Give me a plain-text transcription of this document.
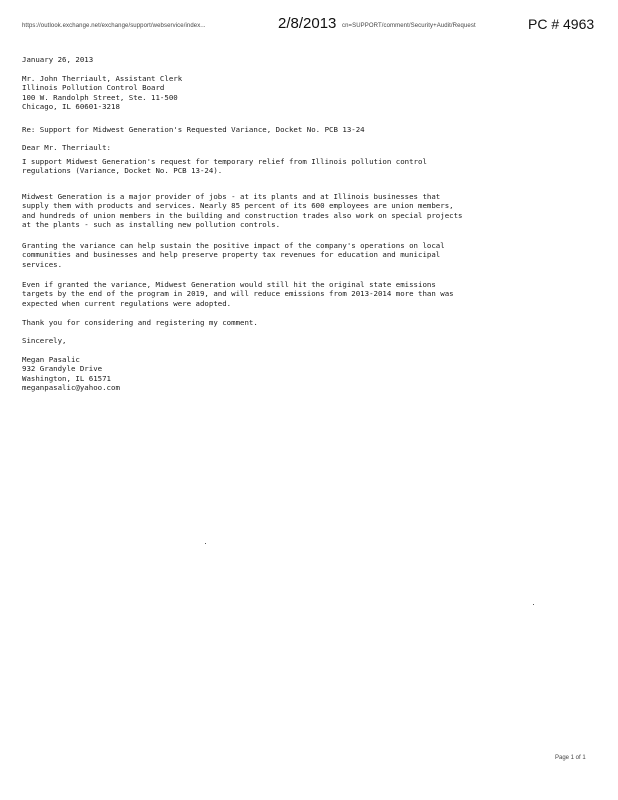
https://outlook.exchange.net/exchange/support/webservice/index...	2/8/2013 cn=SUPPORT/comment/Security+Audit/Request	PC # 4963
January 26, 2013
Mr. John Therriault, Assistant Clerk
Illinois Pollution Control Board
100 W. Randolph Street, Ste. 11-500
Chicago, IL 60601-3218
Re: Support for Midwest Generation's Requested Variance, Docket No. PCB 13-24
Dear Mr. Therriault:
I support Midwest Generation's request for temporary relief from Illinois pollution control
regulations (Variance, Docket No. PCB 13-24).
Midwest Generation is a major provider of jobs - at its plants and at Illinois businesses that
supply them with products and services. Nearly 85 percent of its 600 employees are union members,
and hundreds of union members in the building and construction trades also work on special projects
at the plants - such as installing new pollution controls.
Granting the variance can help sustain the positive impact of the company's operations on local
communities and businesses and help preserve property tax revenues for education and municipal
services.
Even if granted the variance, Midwest Generation would still hit the original state emissions
targets by the end of the program in 2019, and will reduce emissions from 2013-2014 more than was
expected when current regulations were adopted.
Thank you for considering and registering my comment.
Sincerely,
Megan Pasalic
932 Grandyle Drive
Washington, IL 61571
meganpasalic@yahoo.com
Page 1 of 1
